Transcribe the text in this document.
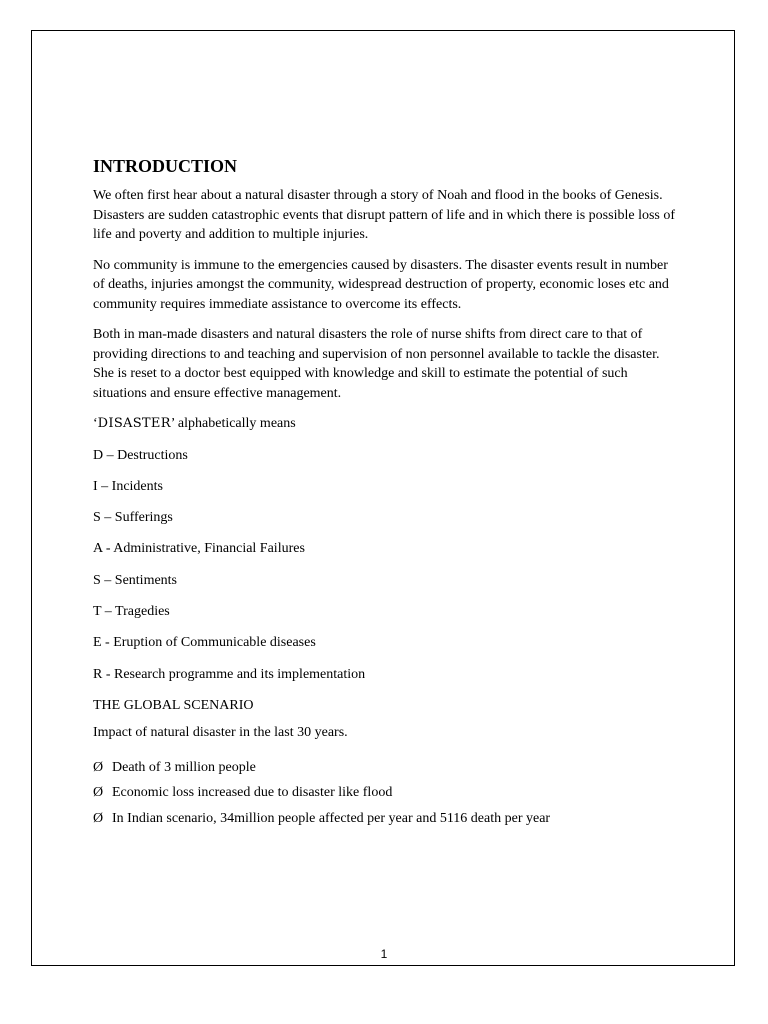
INTRODUCTION

We often first hear about a natural disaster through a story of Noah and flood in the books of Genesis. Disasters are sudden catastrophic events that disrupt pattern of life and in which there is possible loss of life and poverty and addition to multiple injuries.

No community is immune to the emergencies caused by disasters. The disaster events result in number of deaths, injuries amongst the community, widespread destruction of property, economic loses etc and community requires immediate assistance to overcome its effects.

Both in man-made disasters and natural disasters the role of nurse shifts from direct care to that of providing directions to and teaching and supervision of non personnel available to tackle the disaster. She is reset to a doctor best equipped with knowledge and skill to estimate the potential of such situations and ensure effective management.

‘DISASTER’ alphabetically means
D – Destructions
I – Incidents
S – Sufferings
A - Administrative, Financial Failures
S – Sentiments
T – Tragedies
E - Eruption of Communicable diseases
R - Research programme and its implementation
THE GLOBAL SCENARIO
Impact of natural disaster in the last 30 years.
Ø Death of 3 million people
Ø Economic loss increased due to disaster like flood
Ø In Indian scenario, 34million people affected per year and 5116 death per year
1
